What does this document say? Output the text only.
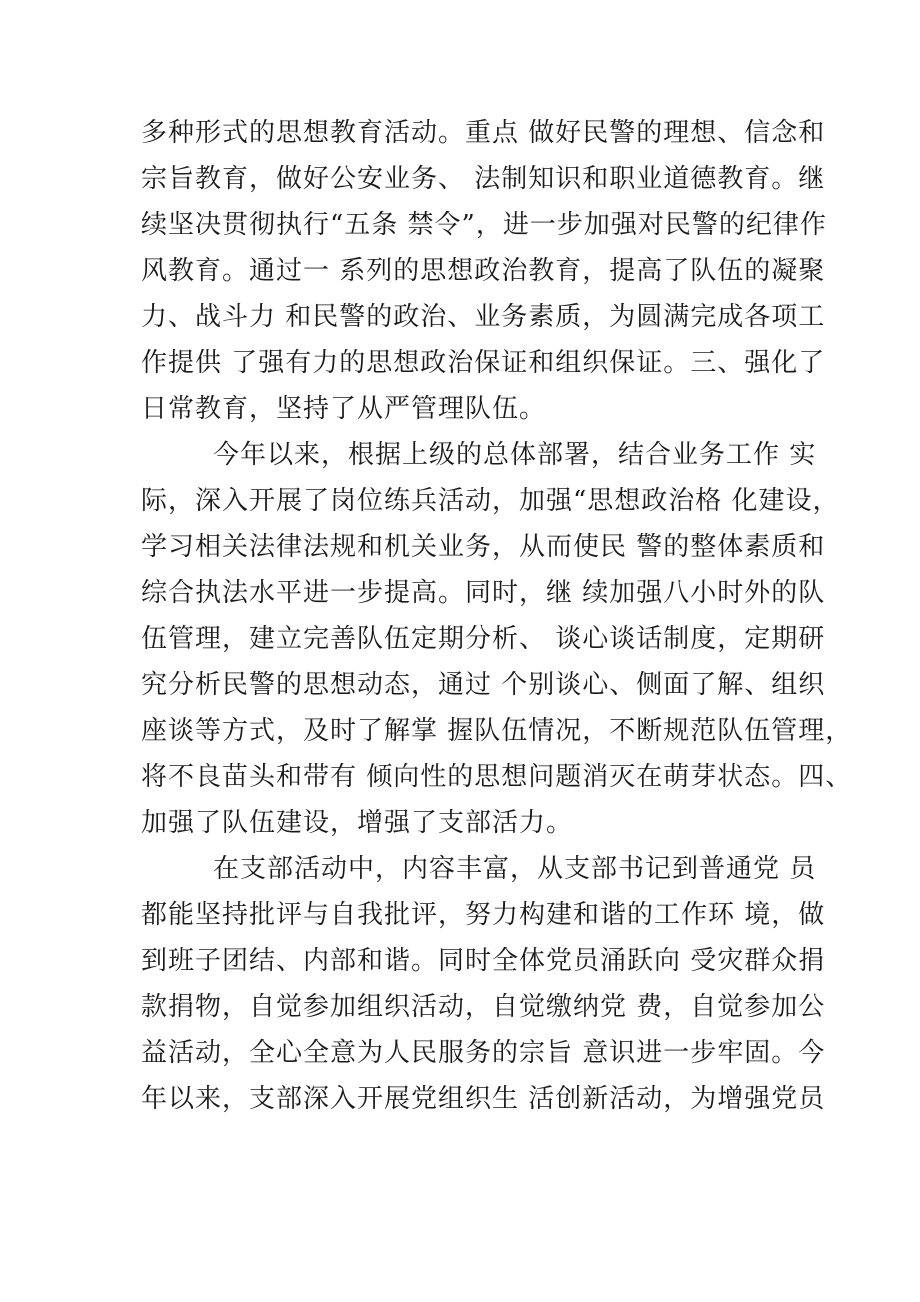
多种形式的思想教育活动。重点 做好民警的理想、信念和
宗旨教育，做好公安业务、 法制知识和职业道德教育。继
续坚决贯彻执行“五条 禁令”，进一步加强对民警的纪律作
风教育。通过一 系列的思想政治教育，提高了队伍的凝聚
力、战斗力 和民警的政治、业务素质，为圆满完成各项工
作提供 了强有力的思想政治保证和组织保证。三、强化了
日常教育，坚持了从严管理队伍。
今年以来，根据上级的总体部署，结合业务工作 实
际，深入开展了岗位练兵活动，加强“思想政治格 化建设，
学习相关法律法规和机关业务，从而使民 警的整体素质和
综合执法水平进一步提高。同时，继 续加强八小时外的队
伍管理，建立完善队伍定期分析、 谈心谈话制度，定期研
究分析民警的思想动态，通过 个别谈心、侧面了解、组织
座谈等方式，及时了解掌 握队伍情况，不断规范队伍管理，
将不良苗头和带有 倾向性的思想问题消灭在萌芽状态。四、
加强了队伍建设，增强了支部活力。
在支部活动中，内容丰富，从支部书记到普通党 员
都能坚持批评与自我批评，努力构建和谐的工作环 境，做
到班子团结、内部和谐。同时全体党员涌跃向 受灾群众捐
款捐物，自觉参加组织活动，自觉缴纳党 费，自觉参加公
益活动，全心全意为人民服务的宗旨 意识进一步牢固。今
年以来，支部深入开展党组织生 活创新活动，为增强党员
